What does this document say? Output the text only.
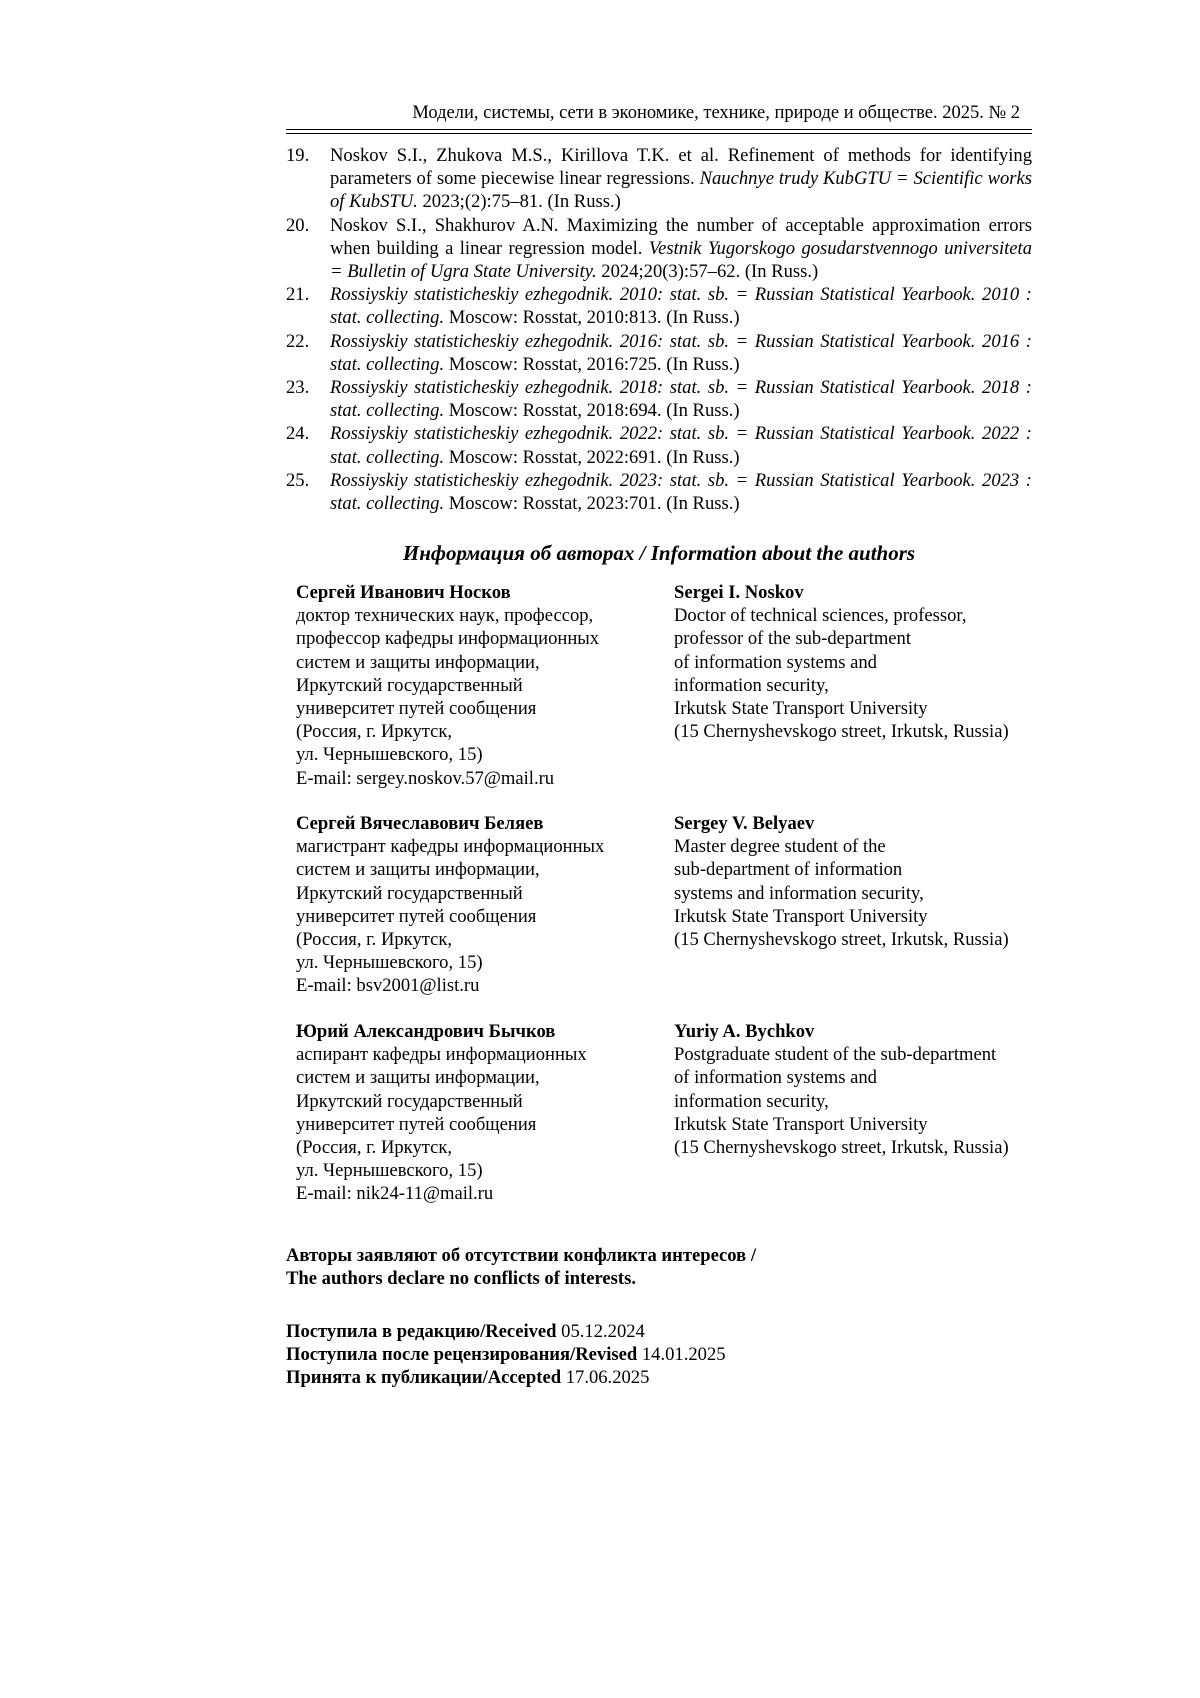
Модели, системы, сети в экономике, технике, природе и обществе. 2025. № 2
19. Noskov S.I., Zhukova M.S., Kirillova T.K. et al. Refinement of methods for identifying parameters of some piecewise linear regressions. Nauchnye trudy KubGTU = Scientific works of KubSTU. 2023;(2):75–81. (In Russ.)
20. Noskov S.I., Shakhurov A.N. Maximizing the number of acceptable approximation errors when building a linear regression model. Vestnik Yugorskogo gosudarstvennogo universiteta = Bulletin of Ugra State University. 2024;20(3):57–62. (In Russ.)
21. Rossiyskiy statisticheskiy ezhegodnik. 2010: stat. sb. = Russian Statistical Yearbook. 2010 : stat. collecting. Moscow: Rosstat, 2010:813. (In Russ.)
22. Rossiyskiy statisticheskiy ezhegodnik. 2016: stat. sb. = Russian Statistical Yearbook. 2016 : stat. collecting. Moscow: Rosstat, 2016:725. (In Russ.)
23. Rossiyskiy statisticheskiy ezhegodnik. 2018: stat. sb. = Russian Statistical Yearbook. 2018 : stat. collecting. Moscow: Rosstat, 2018:694. (In Russ.)
24. Rossiyskiy statisticheskiy ezhegodnik. 2022: stat. sb. = Russian Statistical Yearbook. 2022 : stat. collecting. Moscow: Rosstat, 2022:691. (In Russ.)
25. Rossiyskiy statisticheskiy ezhegodnik. 2023: stat. sb. = Russian Statistical Yearbook. 2023 : stat. collecting. Moscow: Rosstat, 2023:701. (In Russ.)
Информация об авторах / Information about the authors
Сергей Иванович Носков
доктор технических наук, профессор,
профессор кафедры информационных
систем и защиты информации,
Иркутский государственный
университет путей сообщения
(Россия, г. Иркутск,
ул. Чернышевского, 15)
E-mail: sergey.noskov.57@mail.ru
Sergei I. Noskov
Doctor of technical sciences, professor,
professor of the sub-department
of information systems and
information security,
Irkutsk State Transport University
(15 Chernyshevskogo street, Irkutsk, Russia)
Сергей Вячеславович Беляев
магистрант кафедры информационных
систем и защиты информации,
Иркутский государственный
университет путей сообщения
(Россия, г. Иркутск,
ул. Чернышевского, 15)
E-mail: bsv2001@list.ru
Sergey V. Belyaev
Master degree student of the
sub-department of information
systems and information security,
Irkutsk State Transport University
(15 Chernyshevskogo street, Irkutsk, Russia)
Юрий Александрович Бычков
аспирант кафедры информационных
систем и защиты информации,
Иркутский государственный
университет путей сообщения
(Россия, г. Иркутск,
ул. Чернышевского, 15)
E-mail: nik24-11@mail.ru
Yuriy A. Bychkov
Postgraduate student of the sub-department
of information systems and
information security,
Irkutsk State Transport University
(15 Chernyshevskogo street, Irkutsk, Russia)
Авторы заявляют об отсутствии конфликта интересов /
The authors declare no conflicts of interests.
Поступила в редакцию/Received 05.12.2024
Поступила после рецензирования/Revised 14.01.2025
Принята к публикации/Accepted 17.06.2025
